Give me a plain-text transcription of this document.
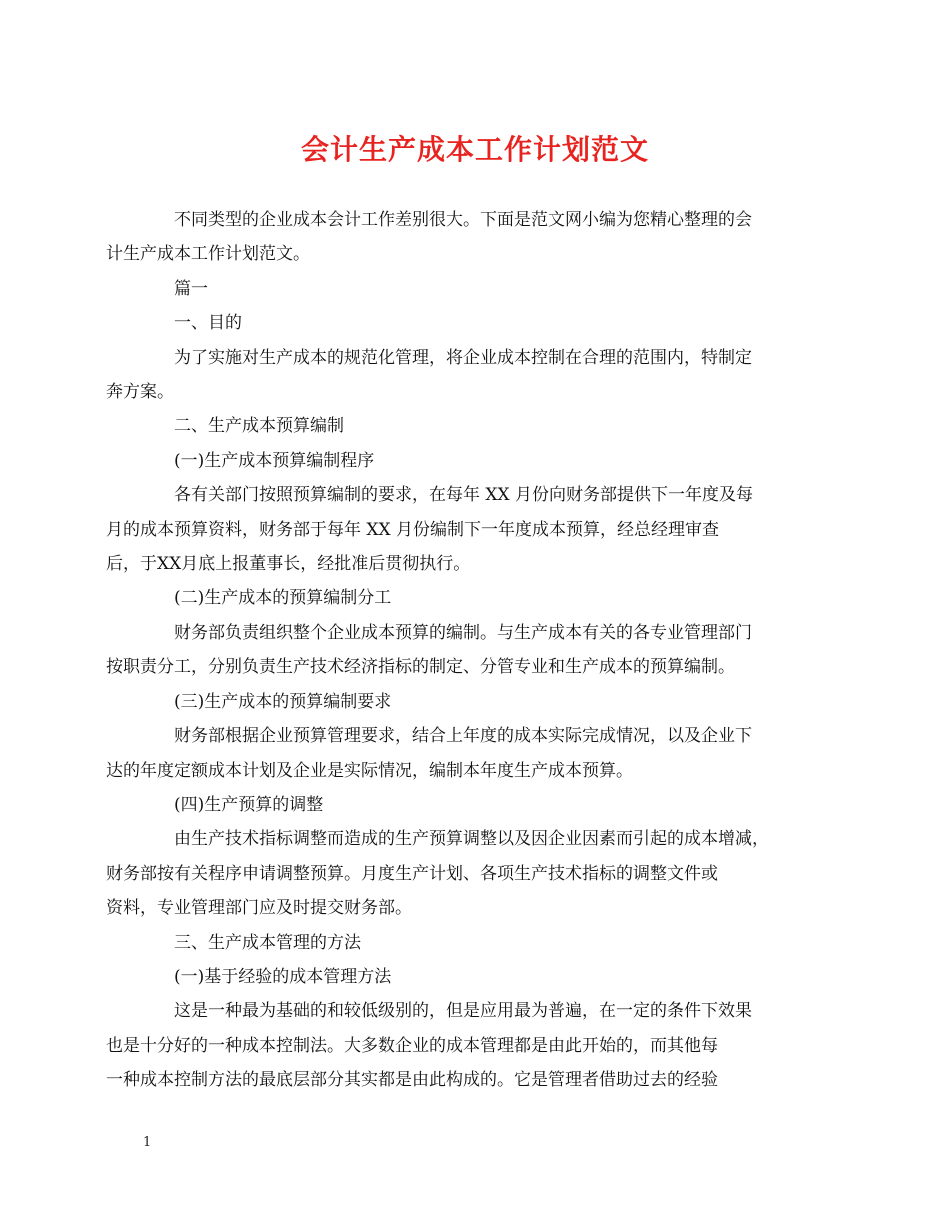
会计生产成本工作计划范文

不同类型的企业成本会计工作差别很大。下面是范文网小编为您精心整理的会
计生产成本工作计划范文。

篇一

一、目的

为了实施对生产成本的规范化管理，将企业成本控制在合理的范围内，特制定
奔方案。

二、生产成本预算编制

(一)生产成本预算编制程序

各有关部门按照预算编制的要求，在每年 XX 月份向财务部提供下一年度及每
月的成本预算资料，财务部于每年 XX 月份编制下一年度成本预算，经总经理审查
后，于XX月底上报董事长，经批准后贯彻执行。

(二)生产成本的预算编制分工

财务部负责组织整个企业成本预算的编制。与生产成本有关的各专业管理部门
按职责分工，分别负责生产技术经济指标的制定、分管专业和生产成本的预算编制。

(三)生产成本的预算编制要求

财务部根据企业预算管理要求，结合上年度的成本实际完成情况，以及企业下
达的年度定额成本计划及企业是实际情况，编制本年度生产成本预算。

(四)生产预算的调整

由生产技术指标调整而造成的生产预算调整以及因企业因素而引起的成本增减，
财务部按有关程序申请调整预算。月度生产计划、各项生产技术指标的调整文件或
资料，专业管理部门应及时提交财务部。

三、生产成本管理的方法

(一)基于经验的成本管理方法

这是一种最为基础的和较低级别的，但是应用最为普遍，在一定的条件下效果
也是十分好的一种成本控制法。大多数企业的成本管理都是由此开始的，而其他每
一种成本控制方法的最底层部分其实都是由此构成的。它是管理者借助过去的经验

1
